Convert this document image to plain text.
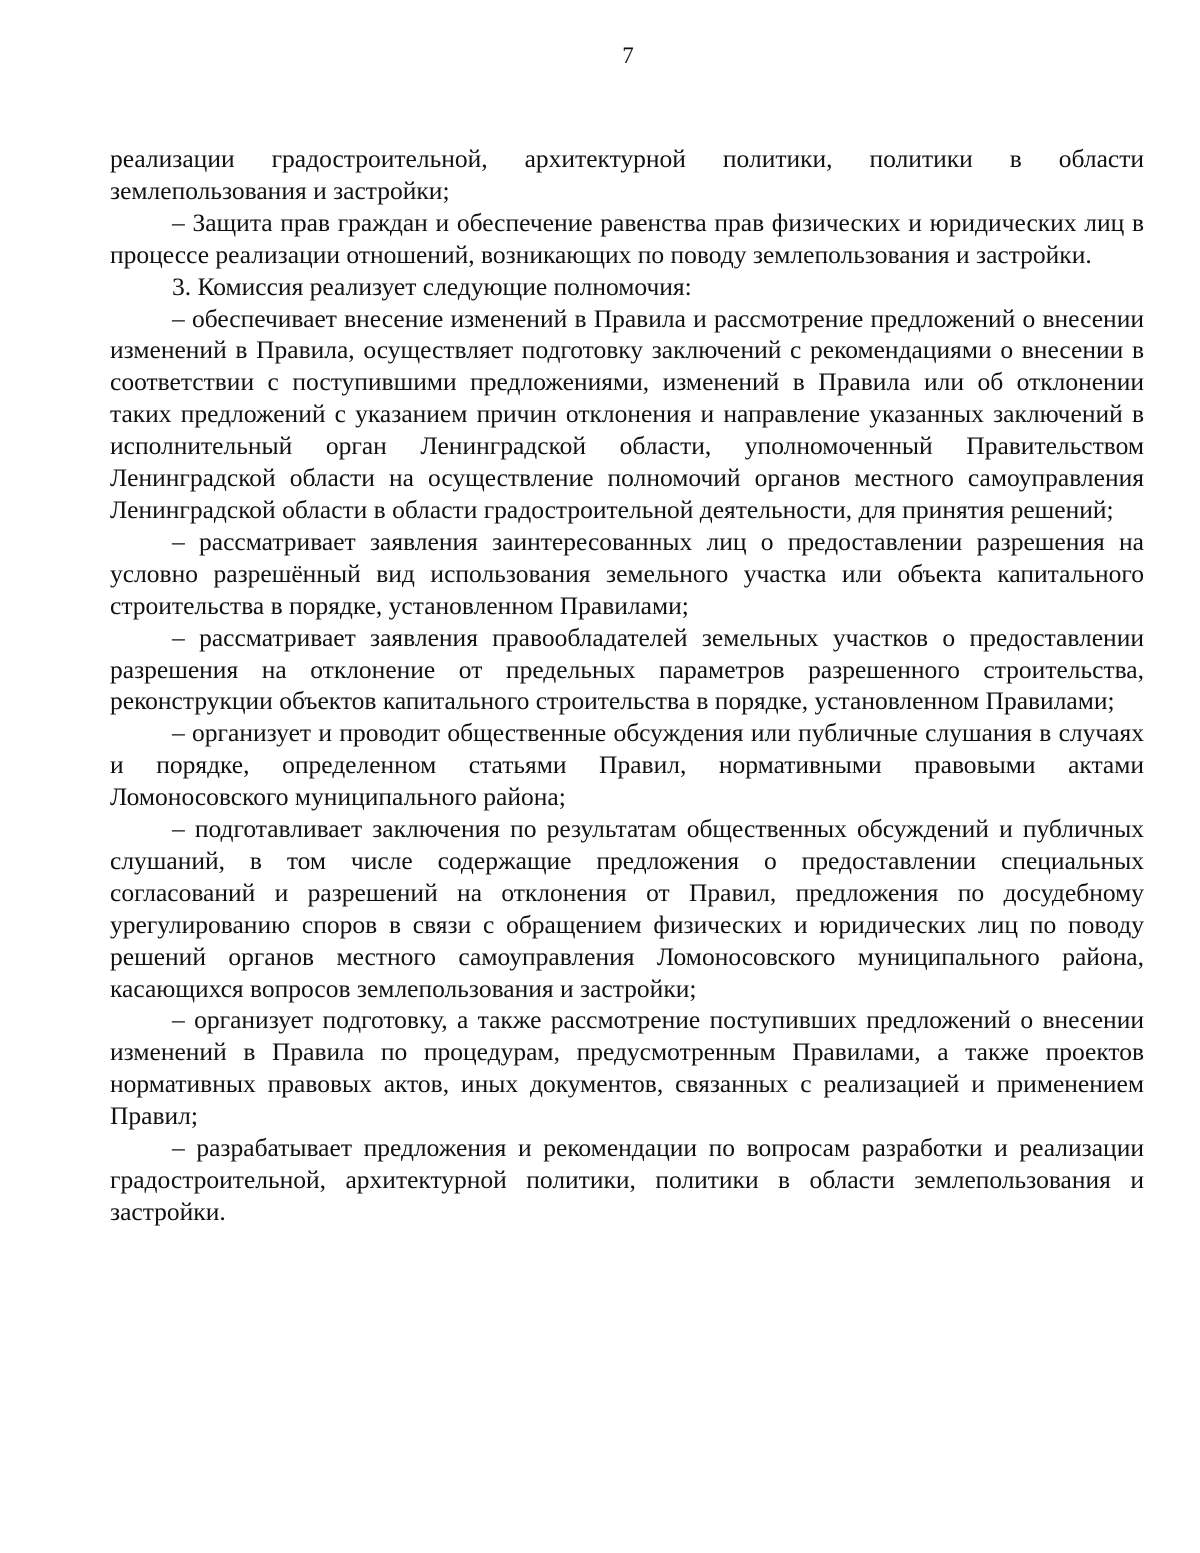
7

реализации градостроительной, архитектурной политики, политики в области землепользования и застройки;

– Защита прав граждан и обеспечение равенства прав физических и юридических лиц в процессе реализации отношений, возникающих по поводу землепользования и застройки.

3. Комиссия реализует следующие полномочия:

– обеспечивает внесение изменений в Правила и рассмотрение предложений о внесении изменений в Правила, осуществляет подготовку заключений с рекомендациями о внесении в соответствии с поступившими предложениями, изменений в Правила или об отклонении таких предложений с указанием причин отклонения и направление указанных заключений в исполнительный орган Ленинградской области, уполномоченный Правительством Ленинградской области на осуществление полномочий органов местного самоуправления Ленинградской области в области градостроительной деятельности, для принятия решений;

– рассматривает заявления заинтересованных лиц о предоставлении разрешения на условно разрешённый вид использования земельного участка или объекта капитального строительства в порядке, установленном Правилами;

– рассматривает заявления правообладателей земельных участков о предоставлении разрешения на отклонение от предельных параметров разрешенного строительства, реконструкции объектов капитального строительства в порядке, установленном Правилами;

– организует и проводит общественные обсуждения или публичные слушания в случаях и порядке, определенном статьями Правил, нормативными правовыми актами Ломоносовского муниципального района;

– подготавливает заключения по результатам общественных обсуждений и публичных слушаний, в том числе содержащие предложения о предоставлении специальных согласований и разрешений на отклонения от Правил, предложения по досудебному урегулированию споров в связи с обращением физических и юридических лиц по поводу решений органов местного самоуправления Ломоносовского муниципального района, касающихся вопросов землепользования и застройки;

– организует подготовку, а также рассмотрение поступивших предложений о внесении изменений в Правила по процедурам, предусмотренным Правилами, а также проектов нормативных правовых актов, иных документов, связанных с реализацией и применением Правил;

– разрабатывает предложения и рекомендации по вопросам разработки и реализации градостроительной, архитектурной политики, политики в области землепользования и застройки.
